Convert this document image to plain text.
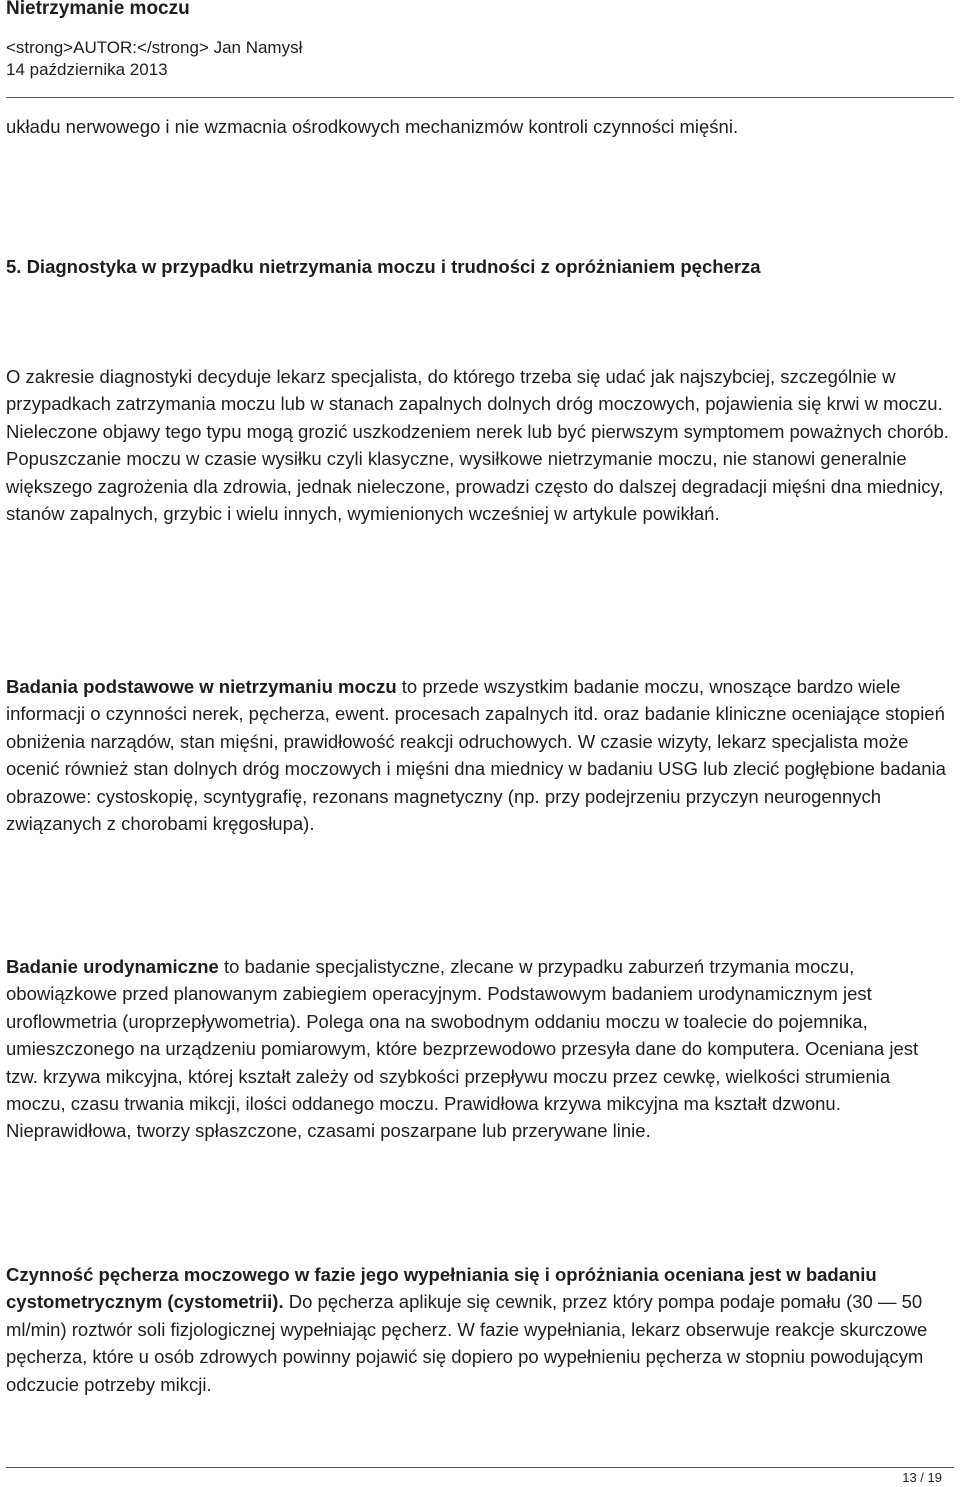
Nietrzymanie moczu
<strong>AUTOR:</strong> Jan Namysł
14 października 2013

układu nerwowego i nie wzmacnia ośrodkowych mechanizmów kontroli czynności mięśni.

5. Diagnostyka w przypadku nietrzymania moczu i trudności z opróżnianiem pęcherza

O zakresie diagnostyki decyduje lekarz specjalista, do którego trzeba się udać jak najszybciej, szczególnie w przypadkach zatrzymania moczu lub w stanach zapalnych dolnych dróg moczowych, pojawienia się krwi w moczu. Nieleczone objawy tego typu mogą grozić uszkodzeniem nerek lub być pierwszym symptomem poważnych chorób. Popuszczanie moczu w czasie wysiłku czyli klasyczne, wysiłkowe nietrzymanie moczu, nie stanowi generalnie większego zagrożenia dla zdrowia, jednak nieleczone, prowadzi często do dalszej degradacji mięśni dna miednicy, stanów zapalnych, grzybic i wielu innych, wymienionych wcześniej w artykule powikłań.

Badania podstawowe w nietrzymaniu moczu to przede wszystkim badanie moczu, wnoszące bardzo wiele informacji o czynności nerek, pęcherza, ewent. procesach zapalnych itd. oraz badanie kliniczne oceniające stopień obniżenia narządów, stan mięśni, prawidłowość reakcji odruchowych. W czasie wizyty, lekarz specjalista może ocenić również stan dolnych dróg moczowych i mięśni dna miednicy w badaniu USG lub zlecić pogłębione badania obrazowe: cystoskopię, scyntygrafię, rezonans magnetyczny (np. przy podejrzeniu przyczyn neurogennych związanych z chorobami kręgosłupa).

Badanie urodynamiczne to badanie specjalistyczne, zlecane w przypadku zaburzeń trzymania moczu, obowiązkowe przed planowanym zabiegiem operacyjnym. Podstawowym badaniem urodynamicznym jest uroflowmetria (uroprzepływometria). Polega ona na swobodnym oddaniu moczu w toalecie do pojemnika, umieszczonego na urządzeniu pomiarowym, które bezprzewodowo przesyła dane do komputera. Oceniana jest tzw. krzywa mikcyjna, której kształt zależy od szybkości przepływu moczu przez cewkę, wielkości strumienia moczu, czasu trwania mikcji, ilości oddanego moczu. Prawidłowa krzywa mikcyjna ma kształt dzwonu. Nieprawidłowa, tworzy spłaszczone, czasami poszarpane lub przerywane linie.

Czynność pęcherza moczowego w fazie jego wypełniania się i opróżniania oceniana jest w badaniu cystometrycznym (cystometrii). Do pęcherza aplikuje się cewnik, przez który pompa podaje pomału (30 — 50 ml/min) roztwór soli fizjologicznej wypełniając pęcherz. W fazie wypełniania, lekarz obserwuje reakcje skurczowe pęcherza, które u osób zdrowych powinny pojawić się dopiero po wypełnieniu pęcherza w stopniu powodującym odczucie potrzeby mikcji.

13 / 19
